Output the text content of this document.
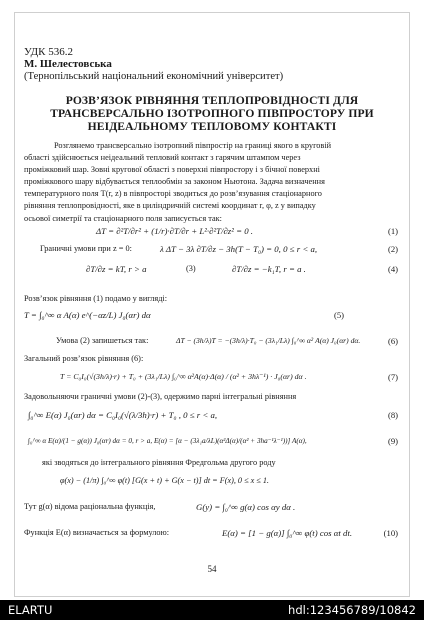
УДК 536.2
М. Шелестовська
(Тернопільський національний економічний університет)
РОЗВ’ЯЗОК РІВНЯННЯ ТЕПЛОПРОВІДНОСТІ ДЛЯ
ТРАНСВЕРСАЛЬНО ІЗОТРОПНОГО ПІВПРОСТОРУ ПРИ
НЕІДЕАЛЬНОМУ ТЕПЛОВОМУ КОНТАКТІ
Розглянемо трансверсально ізотропний півпростір на границі якого в круговій
області здійснюється неідеальний тепловий контакт з гарячим штампом через
проміжковий шар. Зовні кругової області з поверхні півпростору і з бічної поверхні
проміжкового шару відбувається теплообмін за законом Ньютона. Задача визначення
температурного поля T(r, z) в півпросторі зводиться до розв’язування стаціонарного
рівняння теплопровідності, яке в циліндричній системі координат r, φ, z у випадку
осьової симетрії та стаціонарного поля записується так:
ΔT = ∂²T/∂r² + (1/r)·∂T/∂r + L²·∂²T/∂z² = 0 .	(1)
Граничні умови при z = 0:	λ ΔT − 3λ ∂T/∂z − 3h(T − T₀) = 0, 0 ≤ r < a,	(2)
∂T/∂z = kT, r > a	(3)	∂T/∂z = −k₁T, r = a .	(4)
Розв’язок рівняння (1) подамо у вигляді:
T = ∫₀^∞ α A(α) e^(−αz/L) J₀(αr) dα	(5)
Умова (2) запишеться так:	ΔT − (3h/λ)T = −(3h/λ)·T₀ − (3λ₁/Lλ) ∫₀^∞ α² A(α) J₀(αr) dα.	(6)
Загальний розв’язок рівняння (6):
T = C₀I₀(√(3h/λ)·r) + T₀ + (3λ₁/Lλ) ∫₀^∞ α²A(α)·Δ(α) / (α² + 3hλ⁻¹) · J₀(αr) dα .	(7)
Задовольняючи граничні умови (2)-(3), одержимо парні інтегральні рівняння
∫₀^∞ E(α) J₀(αr) dα = C₀I₀(√(λ/3h)·r) + T₀ , 0 ≤ r < a,	(8)
∫₀^∞ α E(α)/(1 − g(α)) J₀(αr) dα = 0, r > a, E(α) = [α − (3λ₁a/λL)(α²Δ(α)/(α² + 3ha⁻¹λ⁻¹))] A(α),	(9)
які зводяться до інтегрального рівняння Фредгольма другого роду
φ(x) − (1/π) ∫₀^∞ φ(t) [G(x + t) + G(x − t)] dt = F(x), 0 ≤ x ≤ 1.
Тут g(α) відома раціональна функція,	G(y) = ∫₀^∞ g(α) cos αy dα .
Функція E(α) визначається за формулою:	E(α) = [1 − g(α)] ∫₀^∞ φ(t) cos αt dt.	(10)
54
ELARTU	hdl:123456789/10842
